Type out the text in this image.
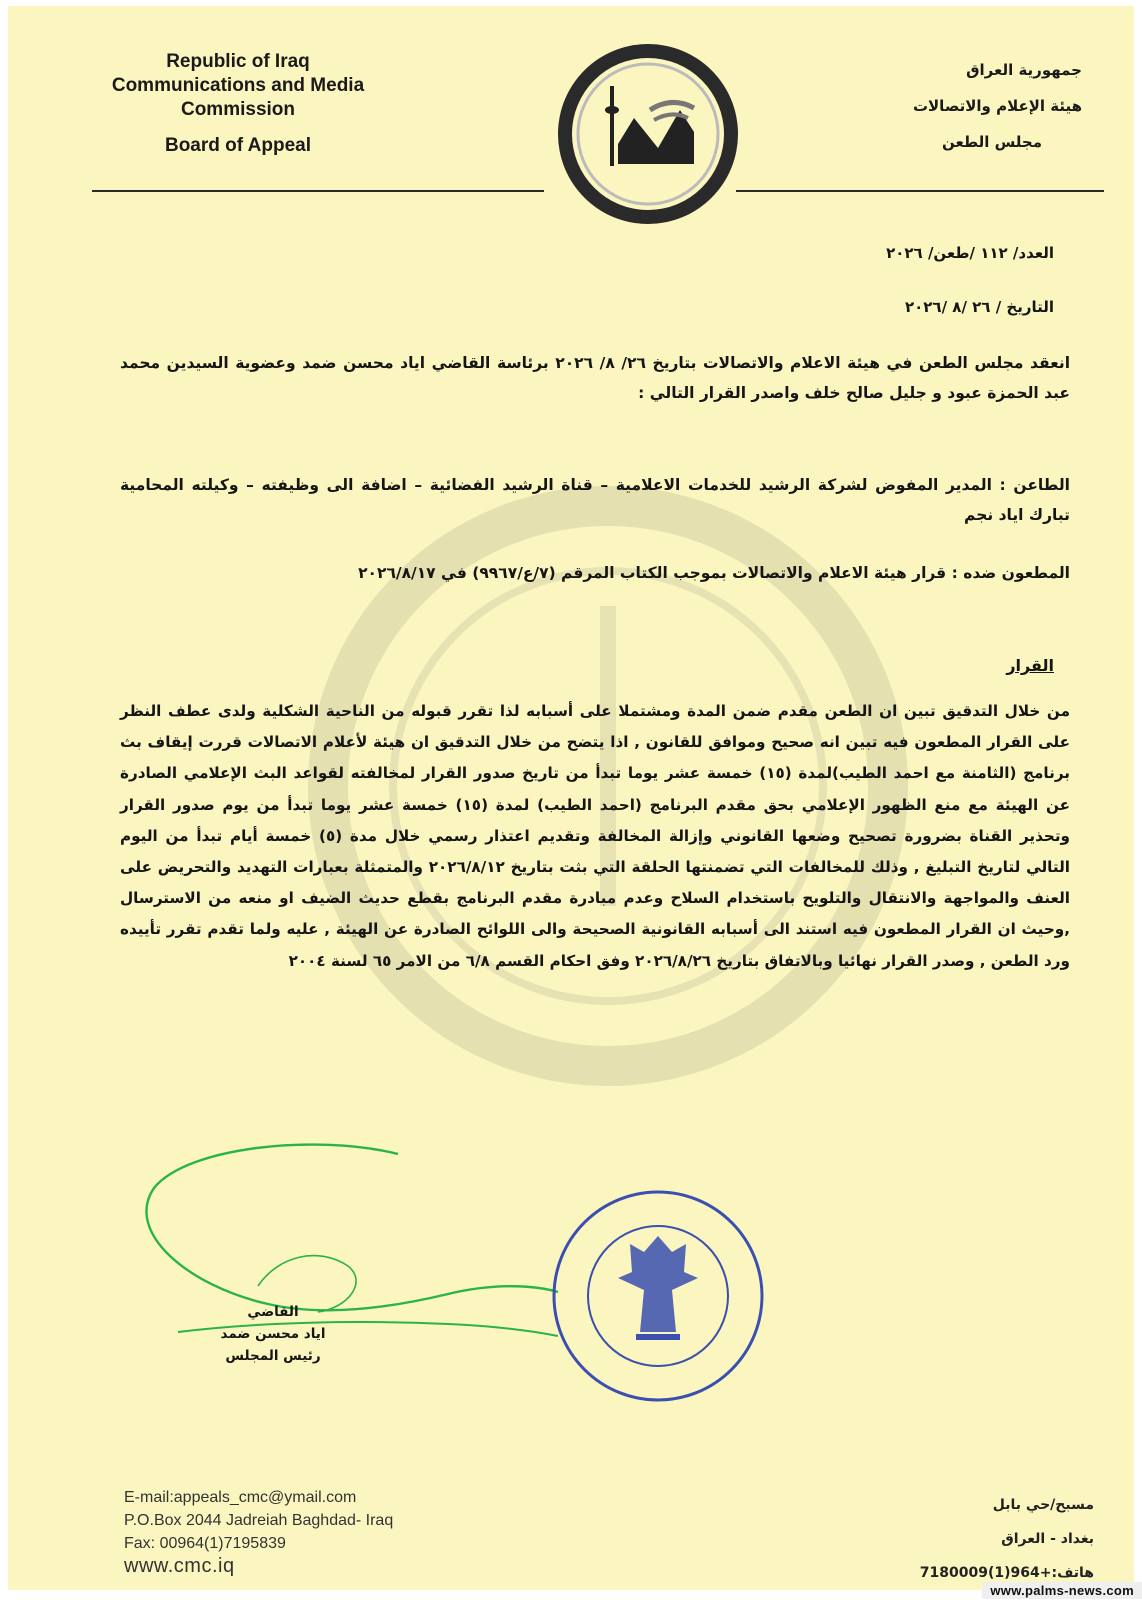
Republic of Iraq
Communications and Media
Commission
Board of Appeal
جمهورية العراق
هيئة الإعلام والاتصالات
مجلس الطعن
العدد/ ١١٢ /طعن/ ٢٠٢٦
التاريخ / ٢٦ /٨ /٢٠٢٦
انعقد مجلس الطعن في هيئة الاعلام والاتصالات بتاريخ ٢٦/ ٨/ ٢٠٢٦ برئاسة القاضي اياد محسن ضمد وعضوية السيدين محمد عبد الحمزة عبود و جليل صالح خلف واصدر القرار التالي :
الطاعن : المدير المفوض لشركة الرشيد للخدمات الاعلامية – قناة الرشيد الفضائية – اضافة الى وظيفته – وكيلته المحامية تبارك اياد نجم
المطعون ضده : قرار هيئة الاعلام والاتصالات بموجب الكتاب المرقم (٧/ع/٩٩٦٧) في ٢٠٢٦/٨/١٧
القرار
من خلال التدقيق تبين ان الطعن مقدم ضمن المدة ومشتملا على أسبابه لذا تقرر قبوله من الناحية الشكلية ولدى عطف النظر على القرار المطعون فيه تبين انه صحيح وموافق للقانون , اذا يتضح من خلال التدقيق ان هيئة لأعلام الاتصالات قررت إيقاف بث برنامج (الثامنة مع احمد الطيب)لمدة (١٥) خمسة عشر يوما تبدأ من تاريخ صدور القرار لمخالفته لقواعد البث الإعلامي الصادرة عن الهيئة مع منع الظهور الإعلامي بحق مقدم البرنامج (احمد الطيب) لمدة (١٥) خمسة عشر يوما تبدأ من يوم صدور القرار وتحذير القناة بضرورة تصحيح وضعها القانوني وإزالة المخالفة وتقديم اعتذار رسمي خلال مدة (٥) خمسة أيام تبدأ من اليوم التالي لتاريخ التبليغ , وذلك للمخالفات التي تضمنتها الحلقة التي بثت بتاريخ ٢٠٢٦/٨/١٢ والمتمثلة بعبارات التهديد والتحريض على العنف والمواجهة والانتقال والتلويح باستخدام السلاح وعدم مبادرة مقدم البرنامج بقطع حديث الضيف او منعه من الاسترسال ,وحيث ان القرار المطعون فيه استند الى أسبابه القانونية الصحيحة والى اللوائح الصادرة عن الهيئة , عليه ولما تقدم تقرر تأييده ورد الطعن , وصدر القرار نهائيا وبالاتفاق بتاريخ ٢٠٢٦/٨/٢٦ وفق احكام القسم ٦/٨ من الامر ٦٥ لسنة ٢٠٠٤
القاضي
اياد محسن ضمد
رئيس المجلس
E-mail:appeals_cmc@ymail.com
P.O.Box 2044 Jadreiah Baghdad- Iraq
Fax: 00964(1)7195839
www.cmc.iq
مسبح/حي بابل
بغداد - العراق
هاتف:+964(1)7180009
www.palms-news.com
